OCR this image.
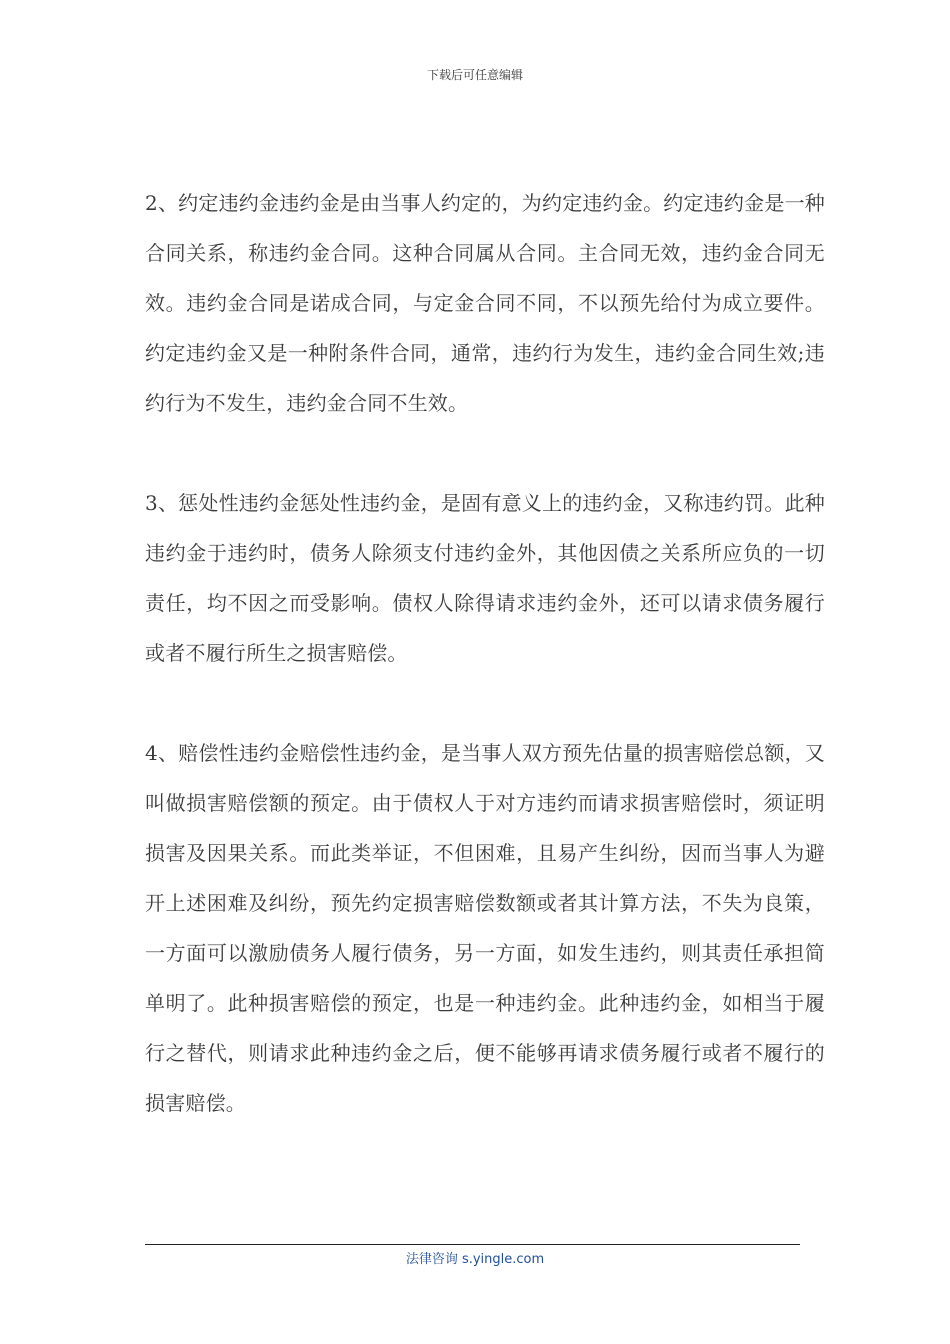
下载后可任意编辑

2、约定违约金违约金是由当事人约定的，为约定违约金。约定违约金是一种合同关系，称违约金合同。这种合同属从合同。主合同无效，违约金合同无效。违约金合同是诺成合同，与定金合同不同，不以预先给付为成立要件。约定违约金又是一种附条件合同，通常，违约行为发生，违约金合同生效;违约行为不发生，违约金合同不生效。

3、惩处性违约金惩处性违约金，是固有意义上的违约金，又称违约罚。此种违约金于违约时，债务人除须支付违约金外，其他因债之关系所应负的一切责任，均不因之而受影响。债权人除得请求违约金外，还可以请求债务履行或者不履行所生之损害赔偿。

4、赔偿性违约金赔偿性违约金，是当事人双方预先估量的损害赔偿总额，又叫做损害赔偿额的预定。由于债权人于对方违约而请求损害赔偿时，须证明损害及因果关系。而此类举证，不但困难，且易产生纠纷，因而当事人为避开上述困难及纠纷，预先约定损害赔偿数额或者其计算方法，不失为良策，一方面可以激励债务人履行债务，另一方面，如发生违约，则其责任承担简单明了。此种损害赔偿的预定，也是一种违约金。此种违约金，如相当于履行之替代，则请求此种违约金之后，便不能够再请求债务履行或者不履行的损害赔偿。

法律咨询 s.yingle.com
